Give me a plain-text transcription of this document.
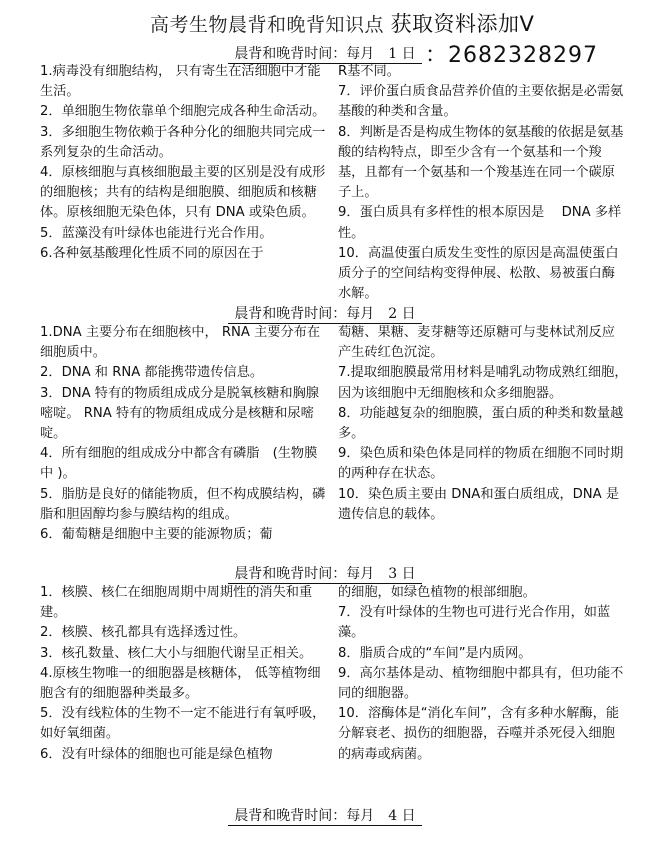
高考生物晨背和晚背知识点 获取资料添加V
：2682328297
晨背和晚背时间：每月　1 日

1.病毒没有细胞结构， 只有寄生在活细胞中才能生活。

2．单细胞生物依靠单个细胞完成各种生命活动。

3．多细胞生物依赖于各种分化的细胞共同完成一系列复杂的生命活动。

4．原核细胞与真核细胞最主要的区别是没有成形的细胞核；共有的结构是细胞膜、细胞质和核糖体。原核细胞无染色体，只有 DNA 或染色质。

5．蓝藻没有叶绿体也能进行光合作用。

6.各种氨基酸理化性质不同的原因在于

R基不同。

7．评价蛋白质食品营养价值的主要依据是必需氨基酸的种类和含量。

8．判断是否是构成生物体的氨基酸的依据是氨基酸的结构特点，即至少含有一个氨基和一个羧基，且都有一个氨基和一个羧基连在同一个碳原子上。

9．蛋白质具有多样性的根本原因是　 DNA 多样性。

10．高温使蛋白质发生变性的原因是高温使蛋白质分子的空间结构变得伸展、松散、易被蛋白酶水解。

晨背和晚背时间：每月　2 日

1.DNA 主要分布在细胞核中， RNA 主要分布在细胞质中。

2．DNA 和 RNA 都能携带遗传信息。

3．DNA 特有的物质组成成分是脱氧核糖和胸腺嘧啶。 RNA 特有的物质组成成分是核糖和尿嘧啶。

4．所有细胞的组成成分中都含有磷脂　(生物膜中 )。

5．脂肪是良好的储能物质，但不构成膜结构，磷脂和胆固醇均参与膜结构的组成。

6．葡萄糖是细胞中主要的能源物质；葡

萄糖、果糖、麦芽糖等还原糖可与斐林试剂反应产生砖红色沉淀。

7.提取细胞膜最常用材料是哺乳动物成熟红细胞，因为该细胞中无细胞核和众多细胞器。

8．功能越复杂的细胞膜，蛋白质的种类和数量越多。

9．染色质和染色体是同样的物质在细胞不同时期的两种存在状态。

10．染色质主要由 DNA和蛋白质组成，DNA 是遗传信息的载体。

晨背和晚背时间：每月　3 日

1．核膜、核仁在细胞周期中周期性的消失和重建。

2．核膜、核孔都具有选择透过性。

3．核孔数量、核仁大小与细胞代谢呈正相关。

4.原核生物唯一的细胞器是核糖体， 低等植物细胞含有的细胞器种类最多。

5．没有线粒体的生物不一定不能进行有氧呼吸，如好氧细菌。

6．没有叶绿体的细胞也可能是绿色植物

的细胞，如绿色植物的根部细胞。

7．没有叶绿体的生物也可进行光合作用，如蓝藻。

8．脂质合成的“车间”是内质网。

9．高尔基体是动、植物细胞中都具有，但功能不同的细胞器。

10．溶酶体是“消化车间”，含有多种水解酶，能分解衰老、损伤的细胞器，吞噬并杀死侵入细胞的病毒或病菌。

晨背和晚背时间：每月　4 日
